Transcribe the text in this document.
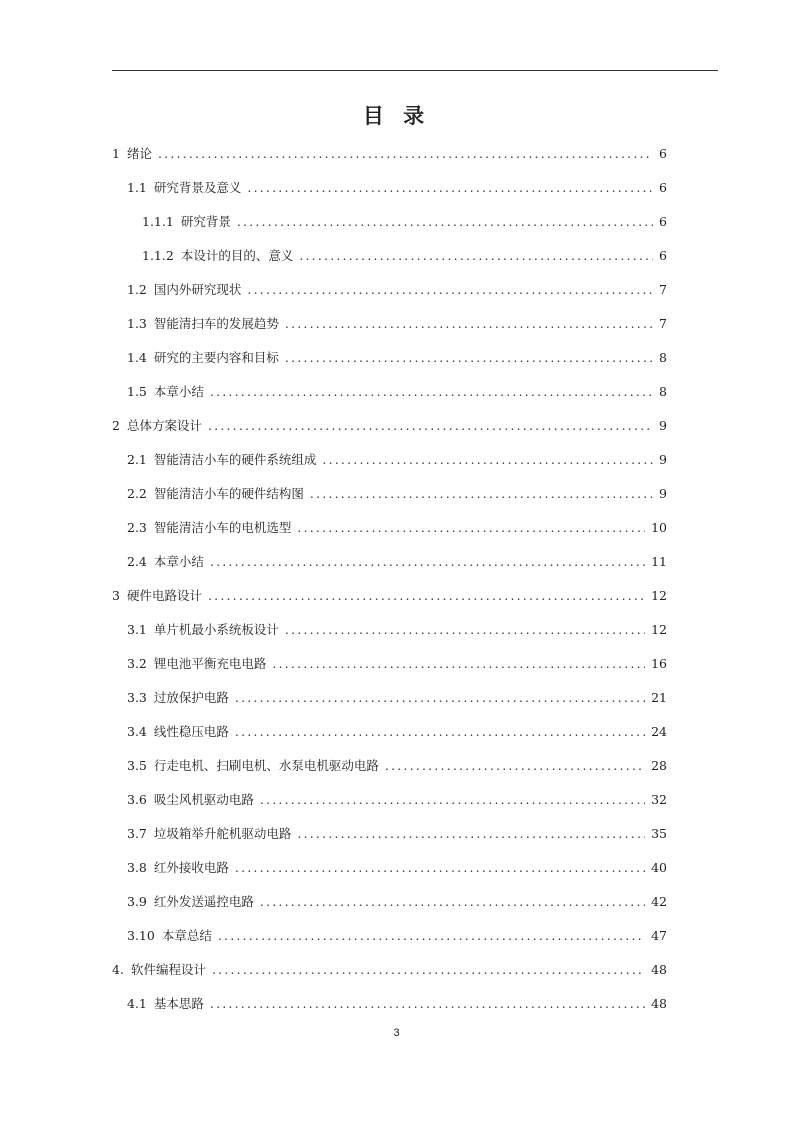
目 录
1 绪论 .....	6
1.1 研究背景及意义 .....	6
1.1.1 研究背景 .....	6
1.1.2 本设计的目的、意义 .....	6
1.2 国内外研究现状 .....	7
1.3 智能清扫车的发展趋势 .....	7
1.4 研究的主要内容和目标 .....	8
1.5 本章小结 .....	8
2 总体方案设计 .....	9
2.1 智能清洁小车的硬件系统组成 .....	9
2.2 智能清洁小车的硬件结构图 .....	9
2.3 智能清洁小车的电机选型 .....	10
2.4 本章小结 .....	11
3 硬件电路设计 .....	12
3.1 单片机最小系统板设计 .....	12
3.2 锂电池平衡充电电路 .....	16
3.3 过放保护电路 .....	21
3.4 线性稳压电路 .....	24
3.5 行走电机、扫刷电机、水泵电机驱动电路 .....	28
3.6 吸尘风机驱动电路 .....	32
3.7 垃圾箱举升舵机驱动电路 .....	35
3.8 红外接收电路 .....	40
3.9 红外发送遥控电路 .....	42
3.10 本章总结 .....	47
4. 软件编程设计 .....	48
4.1 基本思路 .....	48
3
